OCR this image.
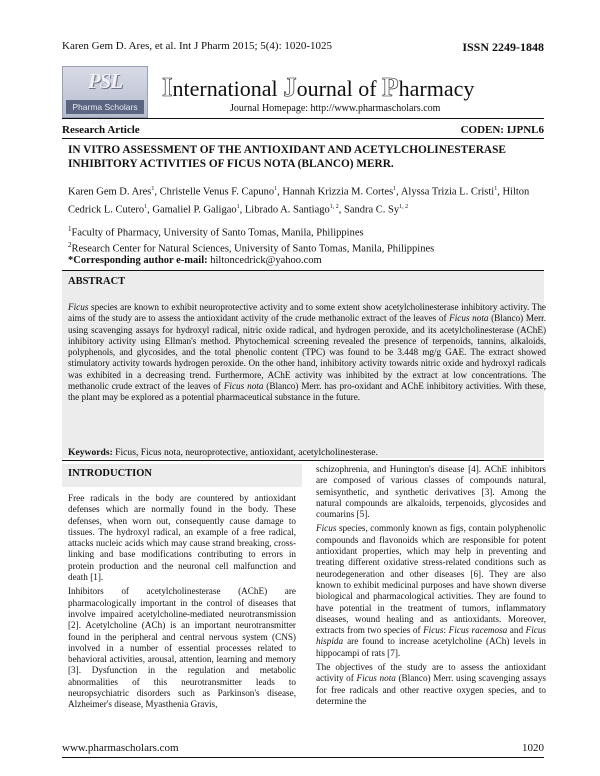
Karen Gem D. Ares, et al. Int J Pharm 2015; 5(4): 1020-1025	ISSN 2249-1848
PSL
Pharma Scholars Library
International Journal of Pharmacy
Journal Homepage: http://www.pharmascholars.com
Research Article	CODEN: IJPNL6
IN VITRO ASSESSMENT OF THE ANTIOXIDANT AND ACETYLCHOLINESTERASE INHIBITORY ACTIVITIES OF FICUS NOTA (BLANCO) MERR.
Karen Gem D. Ares$^1$, Christelle Venus F. Capuno$^1$, Hannah Krizzia M. Cortes$^1$, Alyssa Trizia L. Cristi$^1$, Hilton Cedrick L. Cutero$^1$, Gamaliel P. Galigao$^1$, Librado A. Santiago$^{1, 2}$, Sandra C. Sy$^{1, 2}$
$^1$Faculty of Pharmacy, University of Santo Tomas, Manila, Philippines
$^2$Research Center for Natural Sciences, University of Santo Tomas, Manila, Philippines
*Corresponding author e-mail: hiltoncedrick@yahoo.com
ABSTRACT

Ficus species are known to exhibit neuroprotective activity and to some extent show acetylcholinesterase inhibitory activity. The aims of the study are to assess the antioxidant activity of the crude methanolic extract of the leaves of Ficus nota (Blanco) Merr. using scavenging assays for hydroxyl radical, nitric oxide radical, and hydrogen peroxide, and its acetylcholinesterase (AChE) inhibitory activity using Ellman's method. Phytochemical screening revealed the presence of terpenoids, tannins, alkaloids, polyphenols, and glycosides, and the total phenolic content (TPC) was found to be 3.448 mg/g GAE. The extract showed stimulatory activity towards hydrogen peroxide. On the other hand, inhibitory activity towards nitric oxide and hydroxyl radicals was exhibited in a decreasing trend. Furthermore, AChE activity was inhibited by the extract at low concentrations. The methanolic crude extract of the leaves of Ficus nota (Blanco) Merr. has pro-oxidant and AChE inhibitory activities. With these, the plant may be explored as a potential pharmaceutical substance in the future.

Keywords: Ficus, Ficus nota, neuroprotective, antioxidant, acetylcholinesterase.
INTRODUCTION

Free radicals in the body are countered by antioxidant defenses which are normally found in the body. These defenses, when worn out, consequently cause damage to tissues. The hydroxyl radical, an example of a free radical, attacks nucleic acids which may cause strand breaking, cross-linking and base modifications contributing to errors in protein production and the neuronal cell malfunction and death [1].

Inhibitors of acetylcholinesterase (AChE) are pharmacologically important in the control of diseases that involve impaired acetylcholine-mediated neurotransmission [2]. Acetylcholine (ACh) is an important neurotransmitter found in the peripheral and central nervous system (CNS) involved in a number of essential processes related to behavioral activities, arousal, attention, learning and memory [3]. Dysfunction in the regulation and metabolic abnormalities of this neurotransmitter leads to neuropsychiatric disorders such as Parkinson's disease, Alzheimer's disease, Myasthenia Gravis,

schizophrenia, and Hunington's disease [4]. AChE inhibitors are composed of various classes of compounds natural, semisynthetic, and synthetic derivatives [3]. Among the natural compounds are alkaloids, terpenoids, glycosides and coumarins [5].

Ficus species, commonly known as figs, contain polyphenolic compounds and flavonoids which are responsible for potent antioxidant properties, which may help in preventing and treating different oxidative stress-related conditions such as neurodegeneration and other diseases [6]. They are also known to exhibit medicinal purposes and have shown diverse biological and pharmacological activities. They are found to have potential in the treatment of tumors, inflammatory diseases, wound healing and as antioxidants. Moreover, extracts from two species of Ficus: Ficus racemosa and Ficus hispida are found to increase acetylcholine (ACh) levels in hippocampi of rats [7].

The objectives of the study are to assess the antioxidant activity of Ficus nota (Blanco) Merr. using scavenging assays for free radicals and other reactive oxygen species, and to determine the

www.pharmascholars.com	1020
